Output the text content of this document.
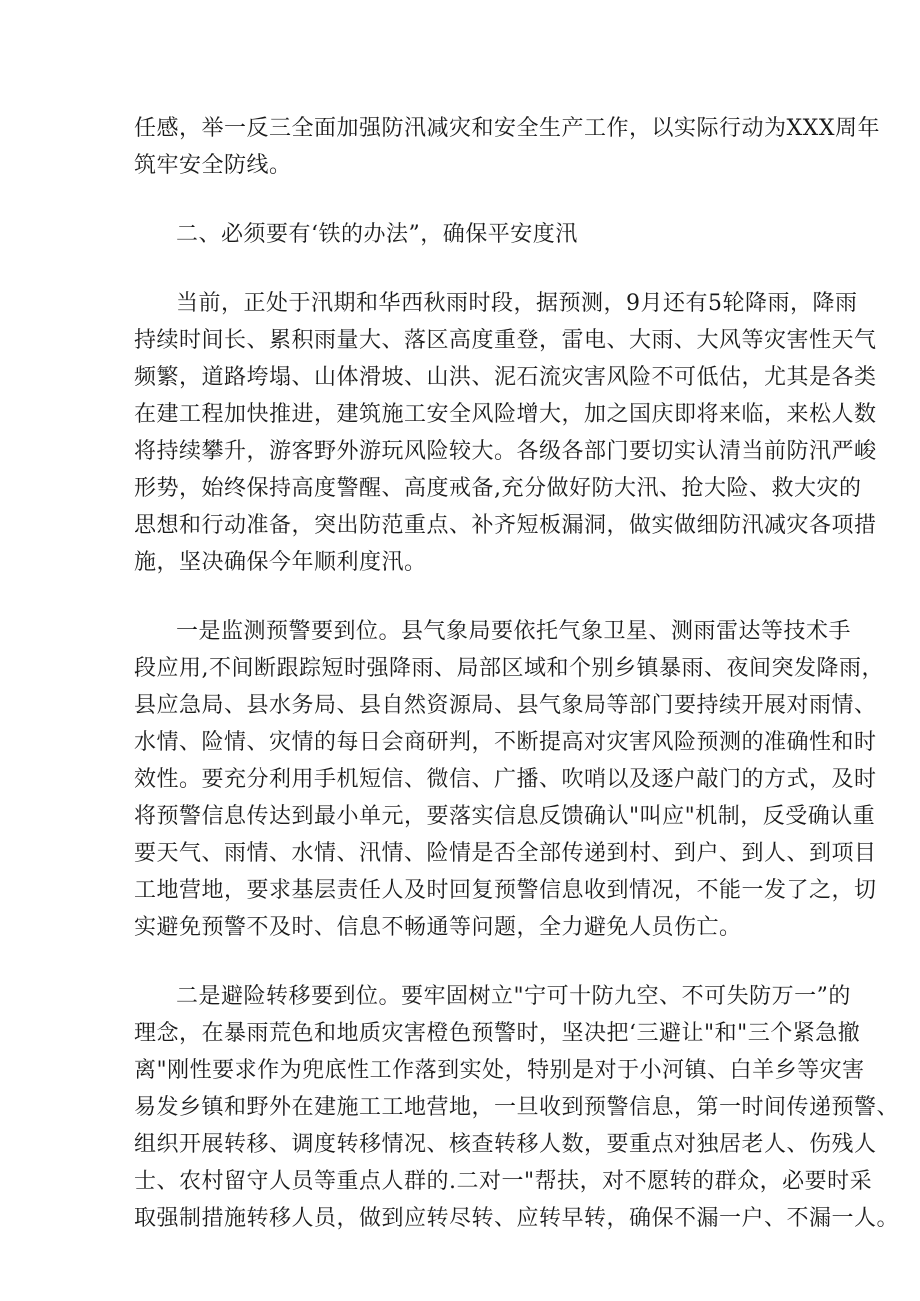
任感，举一反三全面加强防汛减灾和安全生产工作，以实际行动为XXX周年
筑牢安全防线。
二、必须要有‘铁的办法”，确保平安度汛
当前，正处于汛期和华西秋雨时段，据预测，9月还有5轮降雨，降雨
持续时间长、累积雨量大、落区高度重登，雷电、大雨、大风等灾害性天气
频繁，道路垮塌、山体滑坡、山洪、泥石流灾害风险不可低估，尤其是各类
在建工程加快推进，建筑施工安全风险增大，加之国庆即将来临，来松人数
将持续攀升，游客野外游玩风险较大。各级各部门要切实认清当前防汛严峻
形势，始终保持高度警醒、高度戒备,充分做好防大汛、抢大险、救大灾的
思想和行动准备，突出防范重点、补齐短板漏洞，做实做细防汛减灾各项措
施，坚决确保今年顺利度汛。
一是监测预警要到位。县气象局要依托气象卫星、测雨雷达等技术手
段应用,不间断跟踪短时强降雨、局部区域和个别乡镇暴雨、夜间突发降雨，
县应急局、县水务局、县自然资源局、县气象局等部门要持续开展对雨情、
水情、险情、灾情的每日会商研判，不断提高对灾害风险预测的准确性和时
效性。要充分利用手机短信、微信、广播、吹哨以及逐户敲门的方式，及时
将预警信息传达到最小单元，要落实信息反馈确认"叫应"机制，反受确认重
要天气、雨情、水情、汛情、险情是否全部传递到村、到户、到人、到项目
工地营地，要求基层责任人及时回复预警信息收到情况，不能一发了之，切
实避免预警不及时、信息不畅通等问题，全力避免人员伤亡。
二是避险转移要到位。要牢固树立"宁可十防九空、不可失防万一”的
理念，在暴雨荒色和地质灾害橙色预警时，坚决把‘三避让"和"三个紧急撤
离"刚性要求作为兜底性工作落到实处，特别是对于小河镇、白羊乡等灾害
易发乡镇和野外在建施工工地营地，一旦收到预警信息，第一时间传递预警、
组织开展转移、调度转移情况、核查转移人数，要重点对独居老人、伤残人
士、农村留守人员等重点人群的.二对一"帮扶，对不愿转的群众，必要时采
取强制措施转移人员，做到应转尽转、应转早转，确保不漏一户、不漏一人。
